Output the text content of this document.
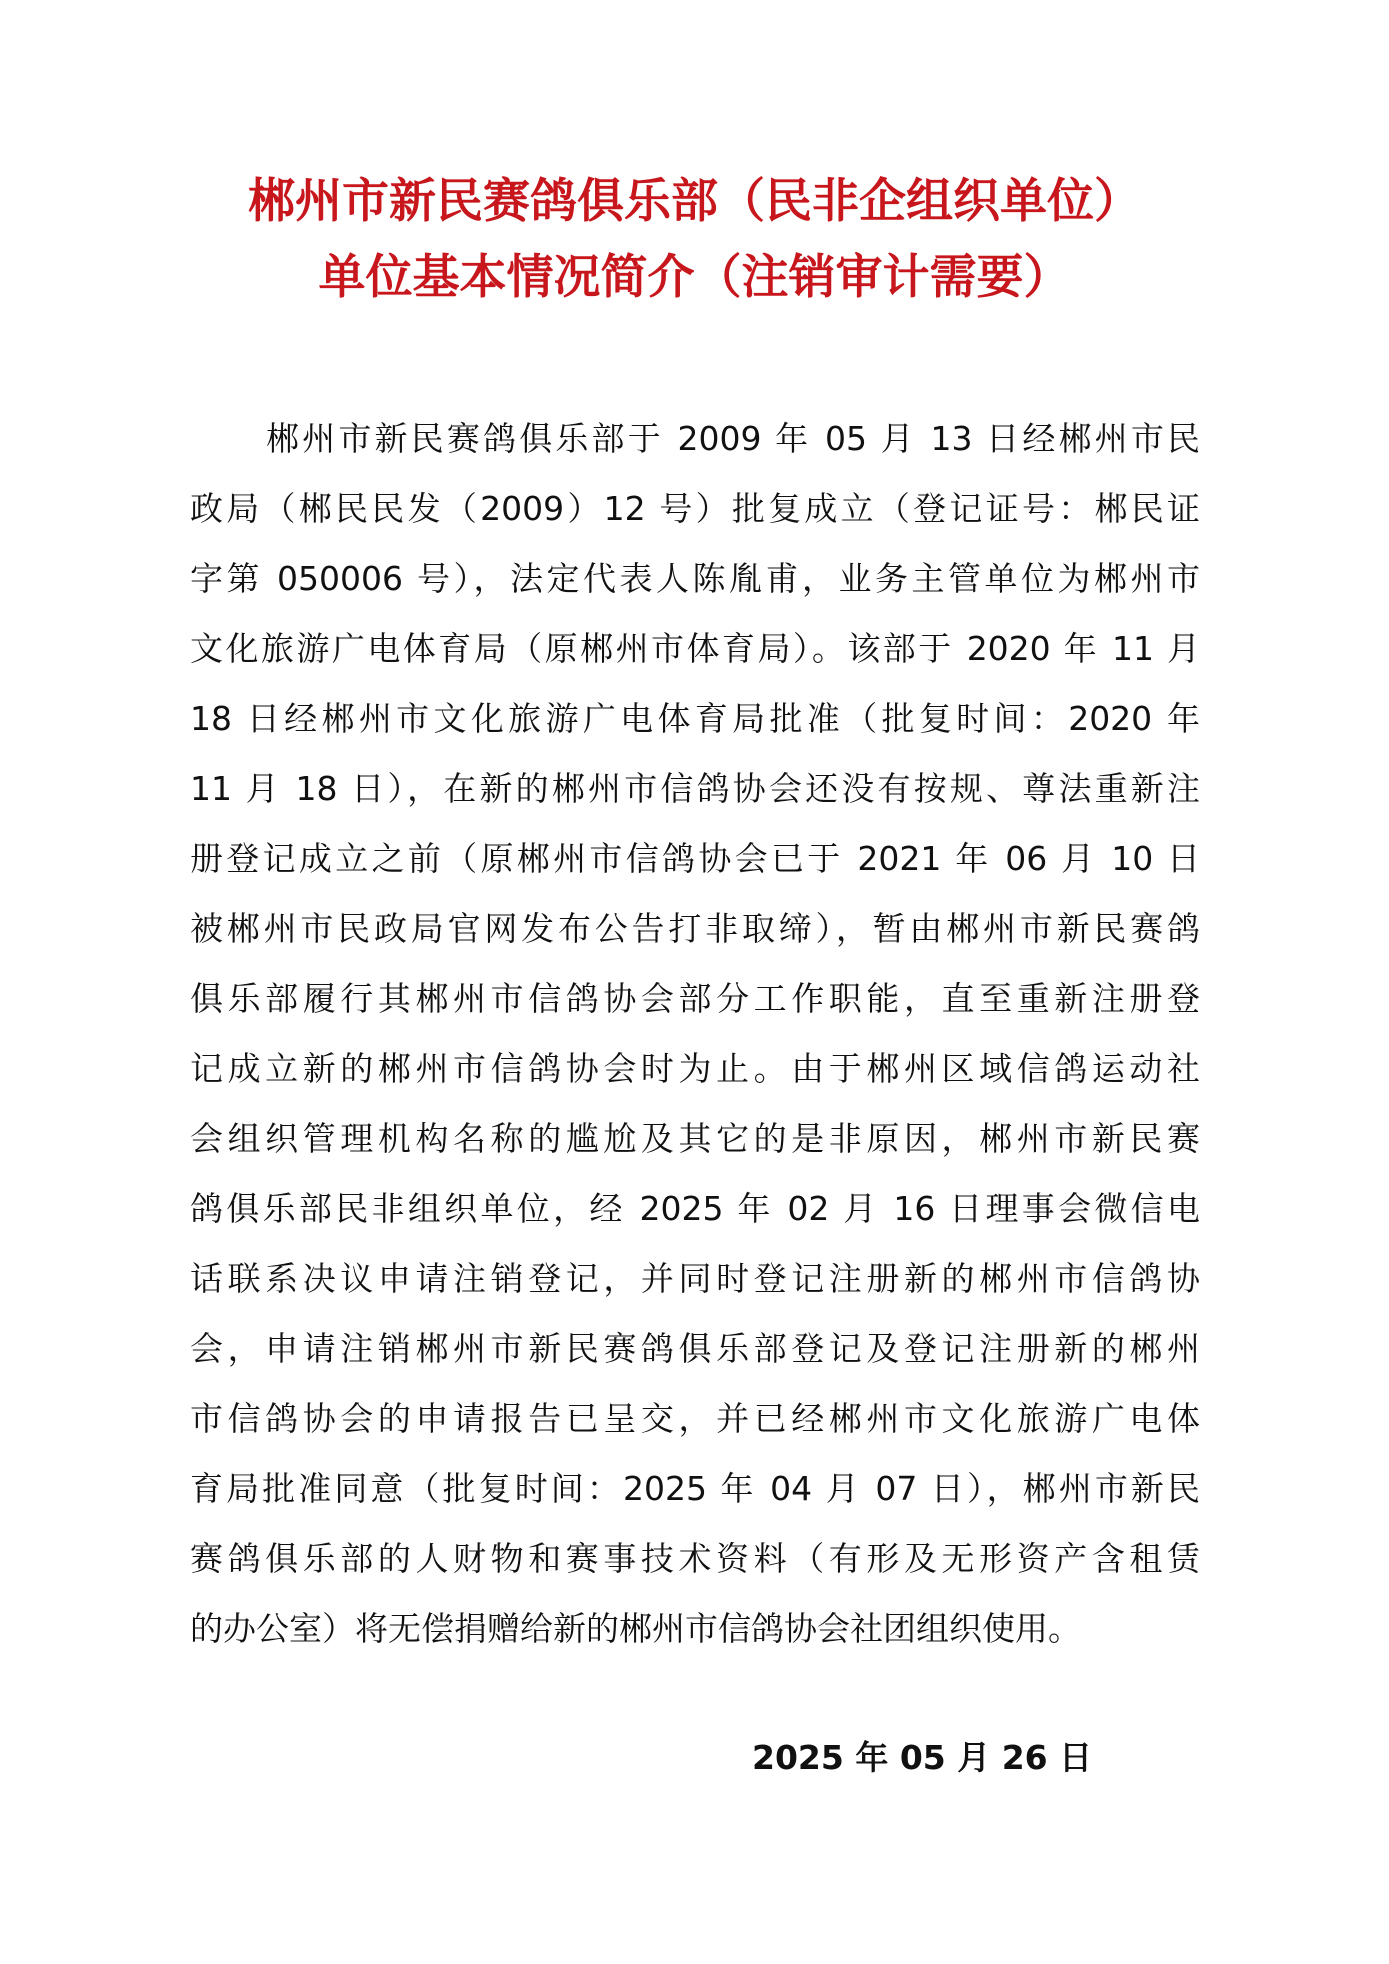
郴州市新民赛鸽俱乐部（民非企组织单位）
单位基本情况简介（注销审计需要）
郴州市新民赛鸽俱乐部于 2009 年 05 月 13 日经郴州市民
政局（郴民民发（2009）12 号）批复成立（登记证号：郴民证
字第 050006 号），法定代表人陈胤甫，业务主管单位为郴州市
文化旅游广电体育局（原郴州市体育局）。该部于 2020 年 11 月
18 日经郴州市文化旅游广电体育局批准（批复时间：2020 年
11 月 18 日），在新的郴州市信鸽协会还没有按规、尊法重新注
册登记成立之前（原郴州市信鸽协会已于 2021 年 06 月 10 日
被郴州市民政局官网发布公告打非取缔），暂由郴州市新民赛鸽
俱乐部履行其郴州市信鸽协会部分工作职能，直至重新注册登
记成立新的郴州市信鸽协会时为止。由于郴州区域信鸽运动社
会组织管理机构名称的尴尬及其它的是非原因，郴州市新民赛
鸽俱乐部民非组织单位，经 2025 年 02 月 16 日理事会微信电
话联系决议申请注销登记，并同时登记注册新的郴州市信鸽协
会，申请注销郴州市新民赛鸽俱乐部登记及登记注册新的郴州
市信鸽协会的申请报告已呈交，并已经郴州市文化旅游广电体
育局批准同意（批复时间：2025 年 04 月 07 日），郴州市新民
赛鸽俱乐部的人财物和赛事技术资料（有形及无形资产含租赁
的办公室）将无偿捐赠给新的郴州市信鸽协会社团组织使用。
2025 年 05 月 26 日
